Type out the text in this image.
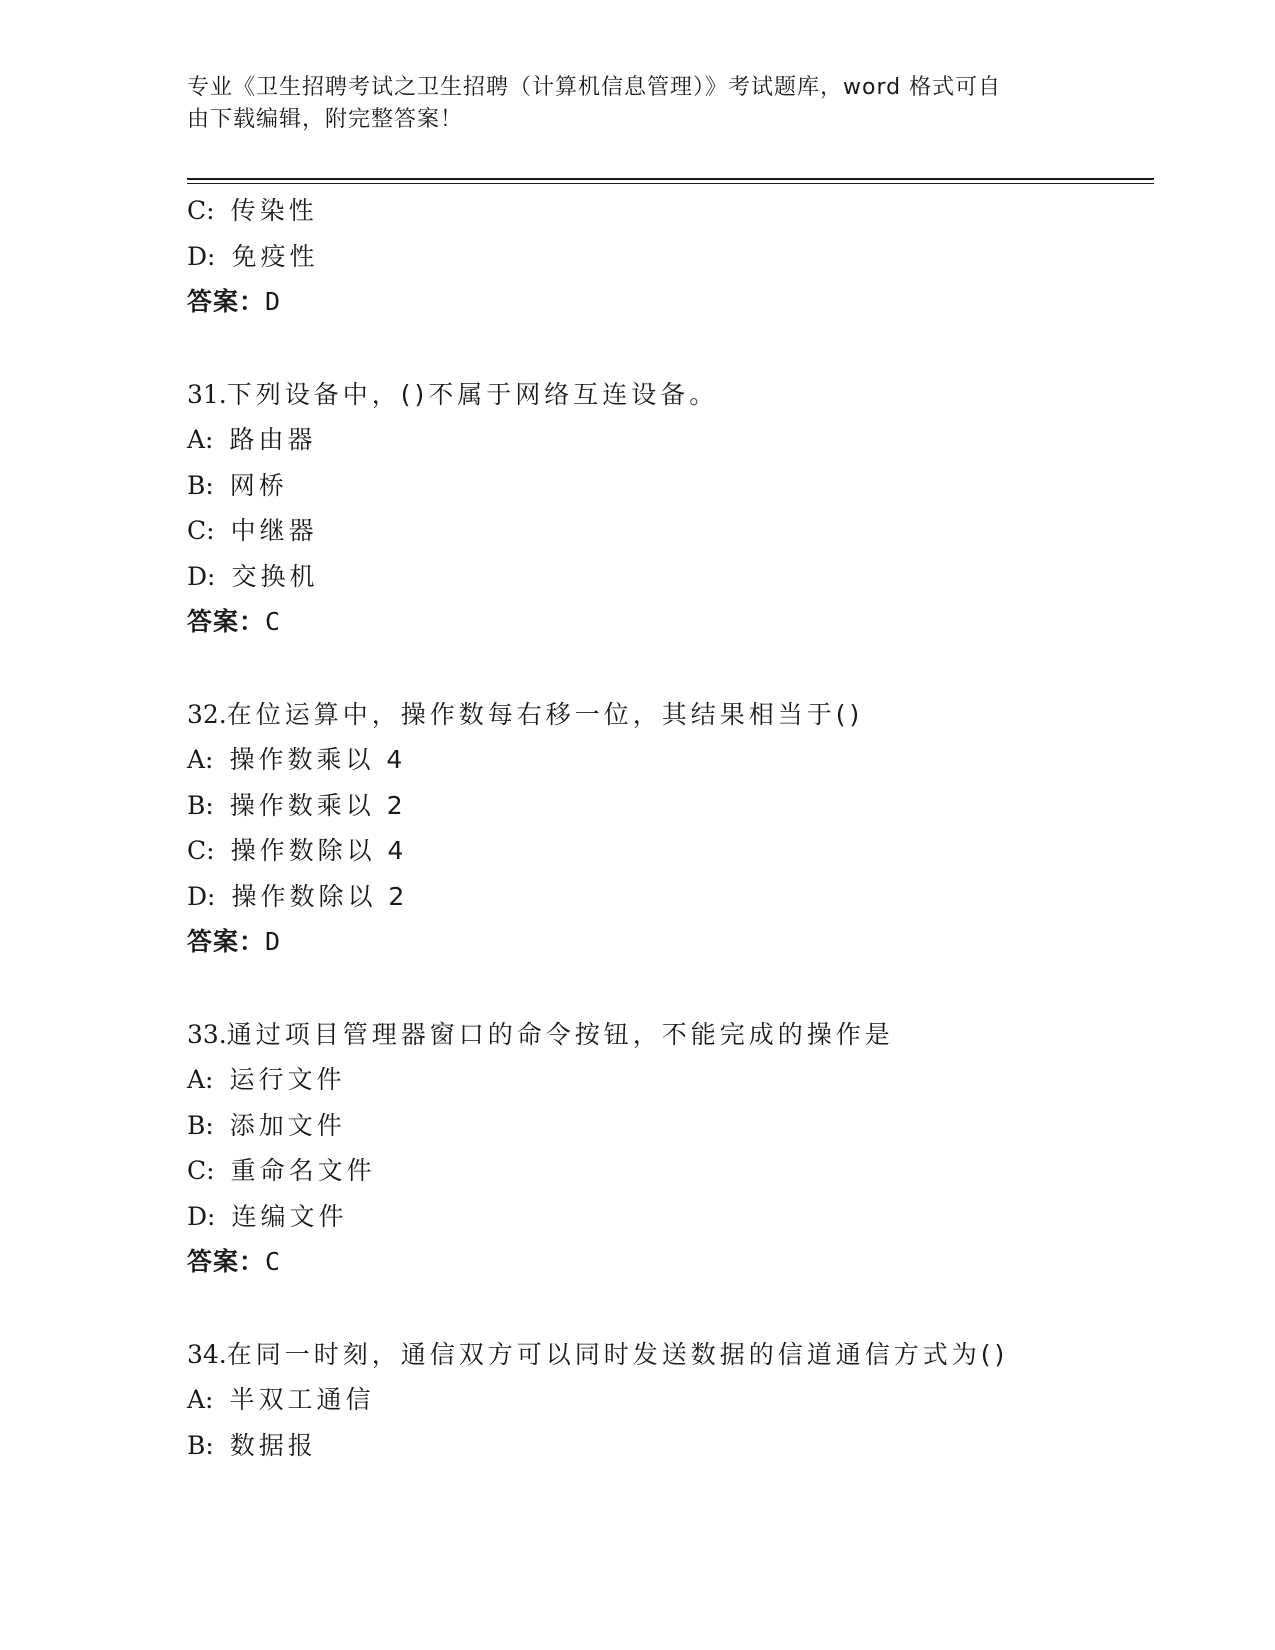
专业《卫生招聘考试之卫生招聘（计算机信息管理）》考试题库，word 格式可自
由下载编辑，附完整答案！
C: 传染性
D: 免疫性
答案：D
31.下列设备中，()不属于网络互连设备。
A: 路由器
B: 网桥
C: 中继器
D: 交换机
答案：C
32.在位运算中，操作数每右移一位，其结果相当于()
A: 操作数乘以 4
B: 操作数乘以 2
C: 操作数除以 4
D: 操作数除以 2
答案：D
33.通过项目管理器窗口的命令按钮，不能完成的操作是
A: 运行文件
B: 添加文件
C: 重命名文件
D: 连编文件
答案：C
34.在同一时刻，通信双方可以同时发送数据的信道通信方式为()
A: 半双工通信
B: 数据报
